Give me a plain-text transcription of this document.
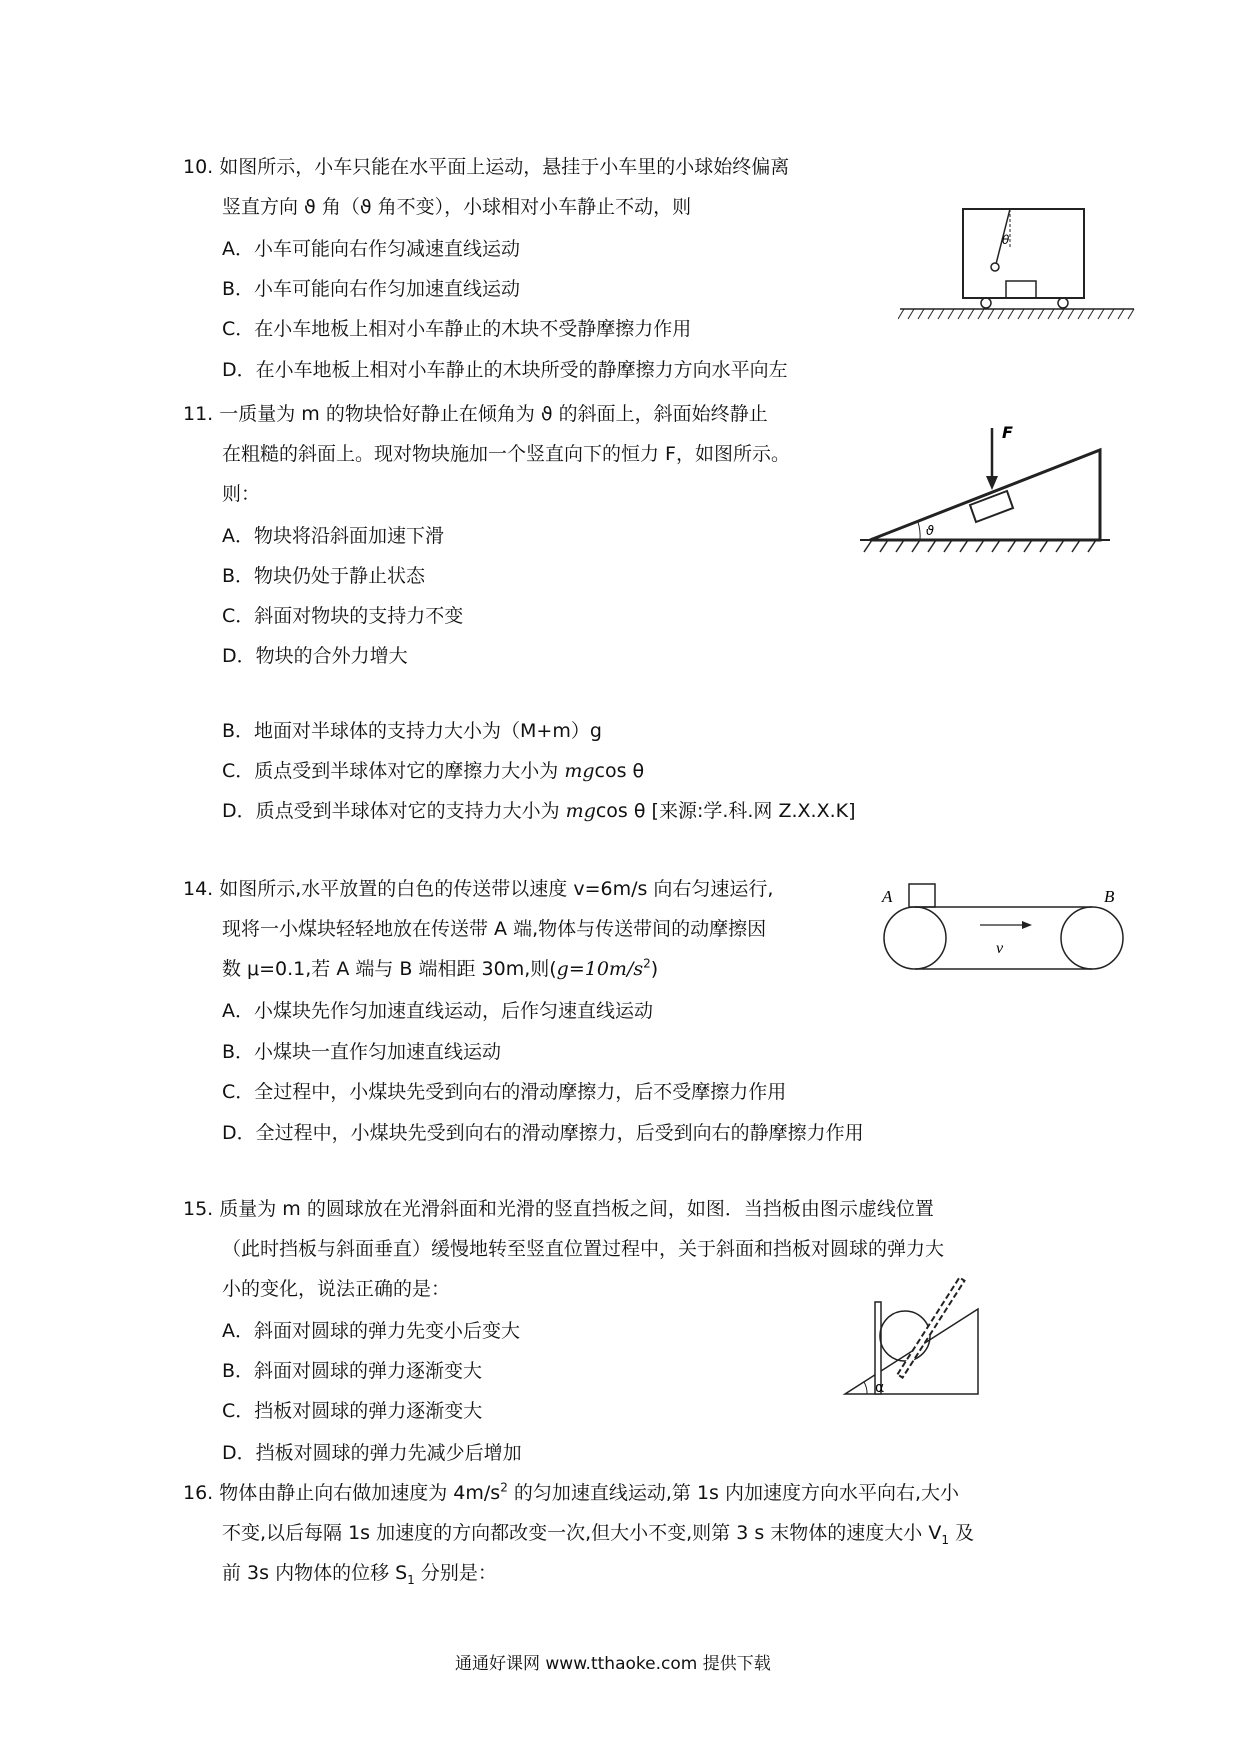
10. 如图所示，小车只能在水平面上运动，悬挂于小车里的小球始终偏离
竖直方向 ϑ 角（ϑ 角不变），小球相对小车静止不动，则
A．小车可能向右作匀减速直线运动
B．小车可能向右作匀加速直线运动
C．在小车地板上相对小车静止的木块不受静摩擦力作用
D．在小车地板上相对小车静止的木块所受的静摩擦力方向水平向左
θ
11. 一质量为 m 的物块恰好静止在倾角为 ϑ 的斜面上，斜面始终静止
在粗糙的斜面上。现对物块施加一个竖直向下的恒力 F，如图所示。
则：
A．物块将沿斜面加速下滑
B．物块仍处于静止状态
C．斜面对物块的支持力不变
D．物块的合外力增大
F
ϑ
B．地面对半球体的支持力大小为（M+m）g
C．质点受到半球体对它的摩擦力大小为 mgcos θ
D．质点受到半球体对它的支持力大小为 mgcos θ [来源:学.科.网 Z.X.X.K]
14. 如图所示,水平放置的白色的传送带以速度 v=6m/s 向右匀速运行,
现将一小煤块轻轻地放在传送带 A 端,物体与传送带间的动摩擦因
数 μ=0.1,若 A 端与 B 端相距 30m,则$(g=10m/s^2)$
A．小煤块先作匀加速直线运动，后作匀速直线运动
B．小煤块一直作匀加速直线运动
C．全过程中，小煤块先受到向右的滑动摩擦力，后不受摩擦力作用
D．全过程中，小煤块先受到向右的滑动摩擦力，后受到向右的静摩擦力作用
A	B
v
15. 质量为 m 的圆球放在光滑斜面和光滑的竖直挡板之间，如图．当挡板由图示虚线位置
（此时挡板与斜面垂直）缓慢地转至竖直位置过程中，关于斜面和挡板对圆球的弹力大
小的变化，说法正确的是：
A．斜面对圆球的弹力先变小后变大
B．斜面对圆球的弹力逐渐变大
C．挡板对圆球的弹力逐渐变大
D．挡板对圆球的弹力先减少后增加
α
16. 物体由静止向右做加速度为 $4m/s^2$ 的匀加速直线运动,第 1s 内加速度方向水平向右,大小
不变,以后每隔 1s 加速度的方向都改变一次,但大小不变,则第 3 s 末物体的速度大小 $V_1$ 及
前 3s 内物体的位移 $S_1$ 分别是：
通通好课网 www.tthaoke.com 提供下载
